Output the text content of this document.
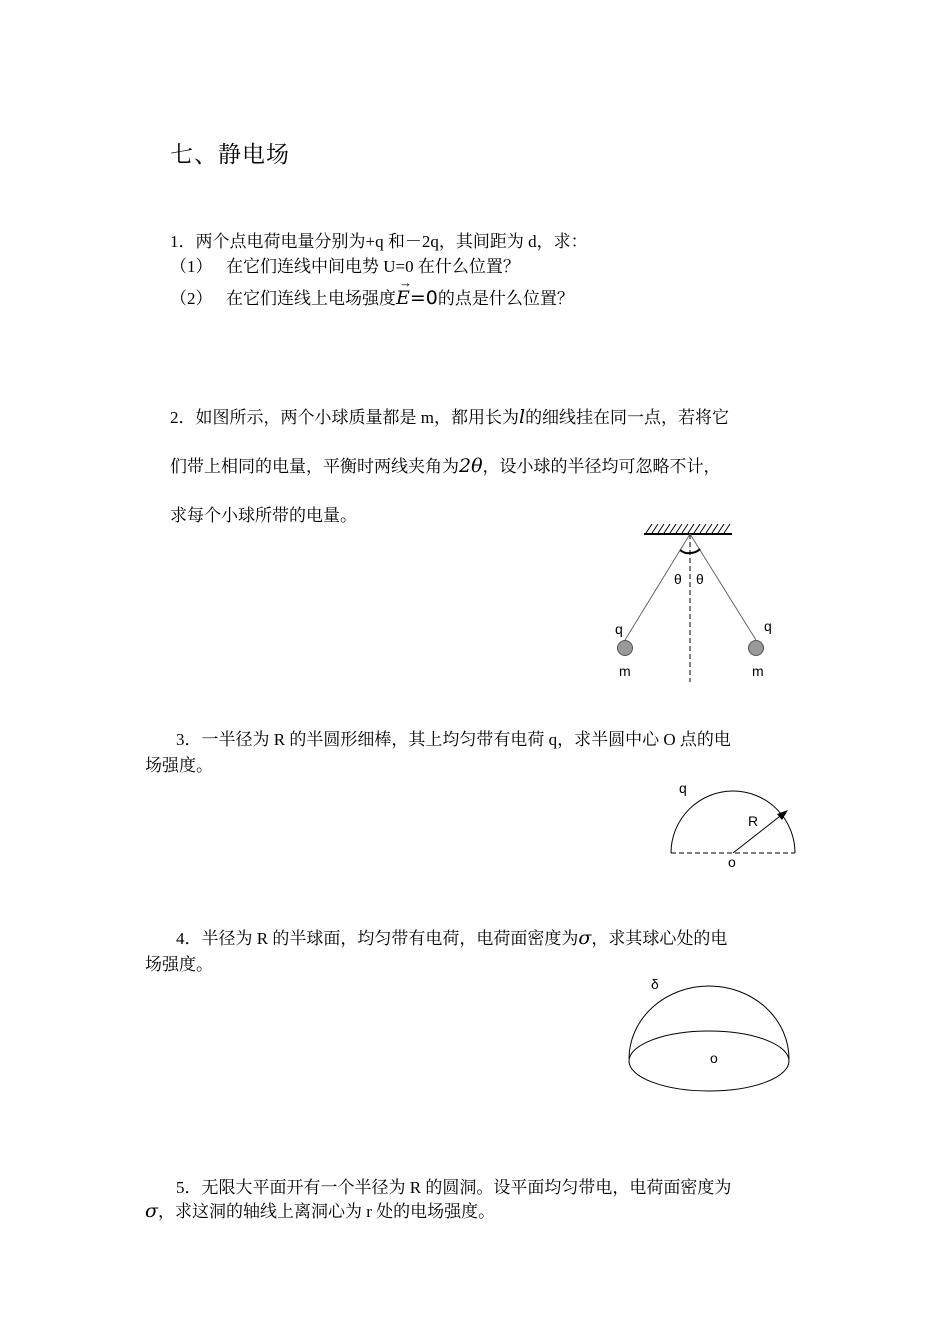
七、静电场
1．两个点电荷电量分别为+q 和－2q，其间距为 d，求：
（1） 在它们连线中间电势 U=0 在什么位置？
（2） 在它们连线上电场强度
→
E=0的点是什么位置？
2．如图所示，两个小球质量都是 m，都用长为l的细线挂在同一点，若将它
们带上相同的电量，平衡时两线夹角为2θ，设小球的半径均可忽略不计，
求每个小球所带的电量。
θ θ
q	q
m	m
3．一半径为 R 的半圆形细棒，其上均匀带有电荷 q，求半圆中心 O 点的电
场强度。
q
R
o
4．半径为 R 的半球面，均匀带有电荷，电荷面密度为σ，求其球心处的电
场强度。
δ
o
5．无限大平面开有一个半径为 R 的圆洞。设平面均匀带电，电荷面密度为
σ，求这洞的轴线上离洞心为 r 处的电场强度。
